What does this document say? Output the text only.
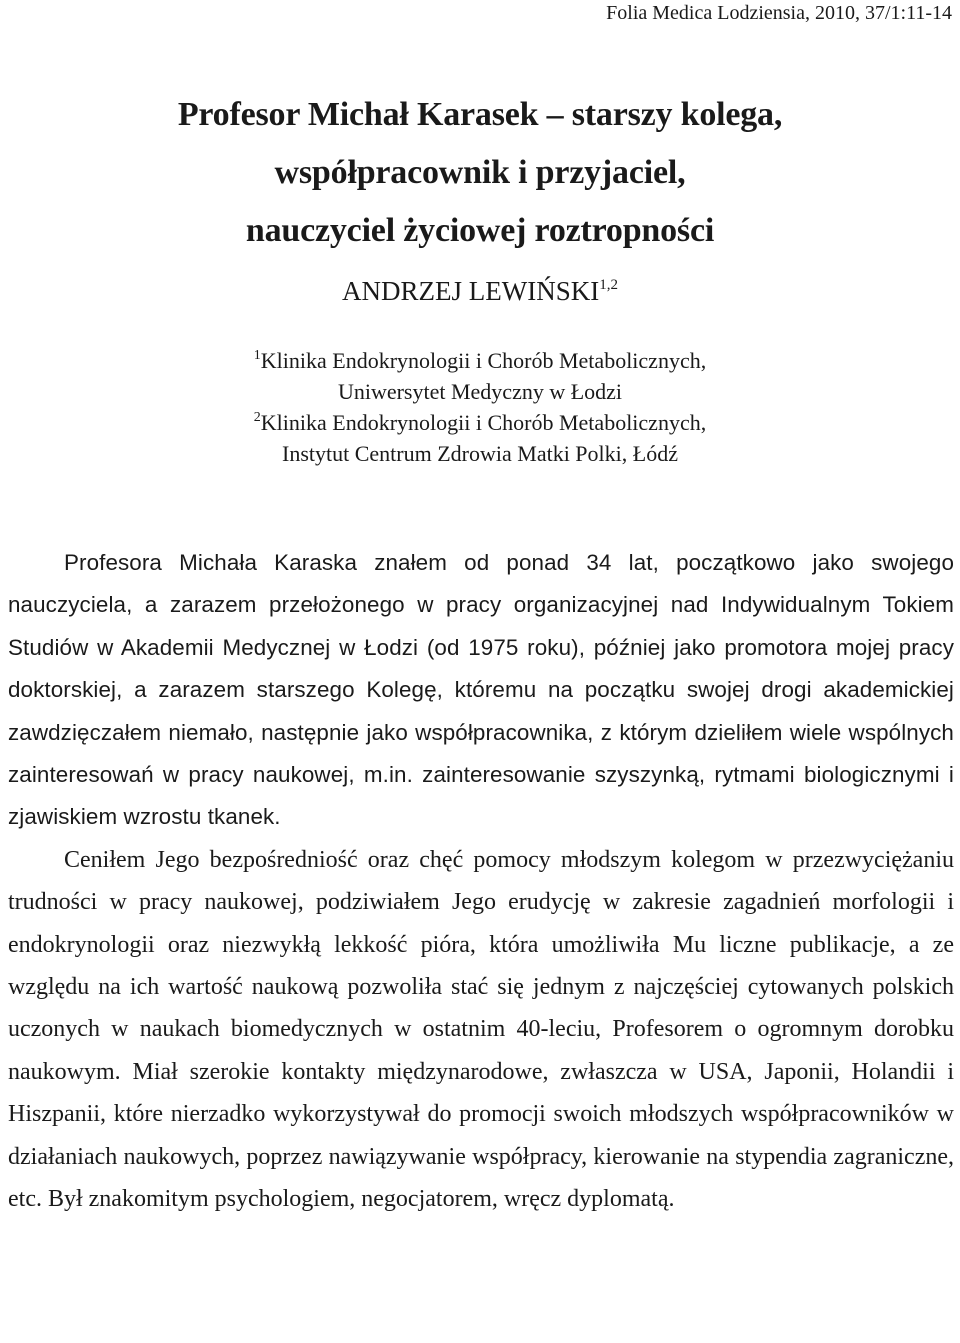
Folia Medica Lodziensia, 2010, 37/1:11-14
Profesor Michał Karasek – starszy kolega,
współpracownik i przyjaciel,
nauczyciel życiowej roztropności
ANDRZEJ LEWIŃSKI$^{1,2}$
$^1$Klinika Endokrynologii i Chorób Metabolicznych,
Uniwersytet Medyczny w Łodzi
$^2$Klinika Endokrynologii i Chorób Metabolicznych,
Instytut Centrum Zdrowia Matki Polki, Łódź

Profesora Michała Karaska znałem od ponad 34 lat, początkowo jako swojego nauczyciela, a zarazem przełożonego w pracy organizacyjnej nad Indywidualnym Tokiem Studiów w Akademii Medycznej w Łodzi (od 1975 roku), później jako promotora mojej pracy doktorskiej, a zarazem starszego Kolegę, któremu na początku swojej drogi akademickiej zawdzięczałem niemało, następnie jako współpracownika, z którym dzieliłem wiele wspólnych zainteresowań w pracy naukowej, m.in. zainteresowanie szyszynką, rytmami biologicznymi i zjawiskiem wzrostu tkanek.

Ceniłem Jego bezpośredniość oraz chęć pomocy młodszym kolegom w przezwyciężaniu trudności w pracy naukowej, podziwiałem Jego erudycję w zakresie zagadnień morfologii i endokrynologii oraz niezwykłą lekkość pióra, która umożliwiła Mu liczne publikacje, a ze względu na ich wartość naukową pozwoliła stać się jednym z najczęściej cytowanych polskich uczonych w naukach biomedycznych w ostatnim 40-leciu, Profesorem o ogromnym dorobku naukowym. Miał szerokie kontakty międzynarodowe, zwłaszcza w USA, Japonii, Holandii i Hiszpanii, które nierzadko wykorzystywał do promocji swoich młodszych współpracowników w działaniach naukowych, poprzez nawiązywanie współpracy, kierowanie na stypendia zagraniczne, etc. Był znakomitym psychologiem, negocjatorem, wręcz dyplomatą.
